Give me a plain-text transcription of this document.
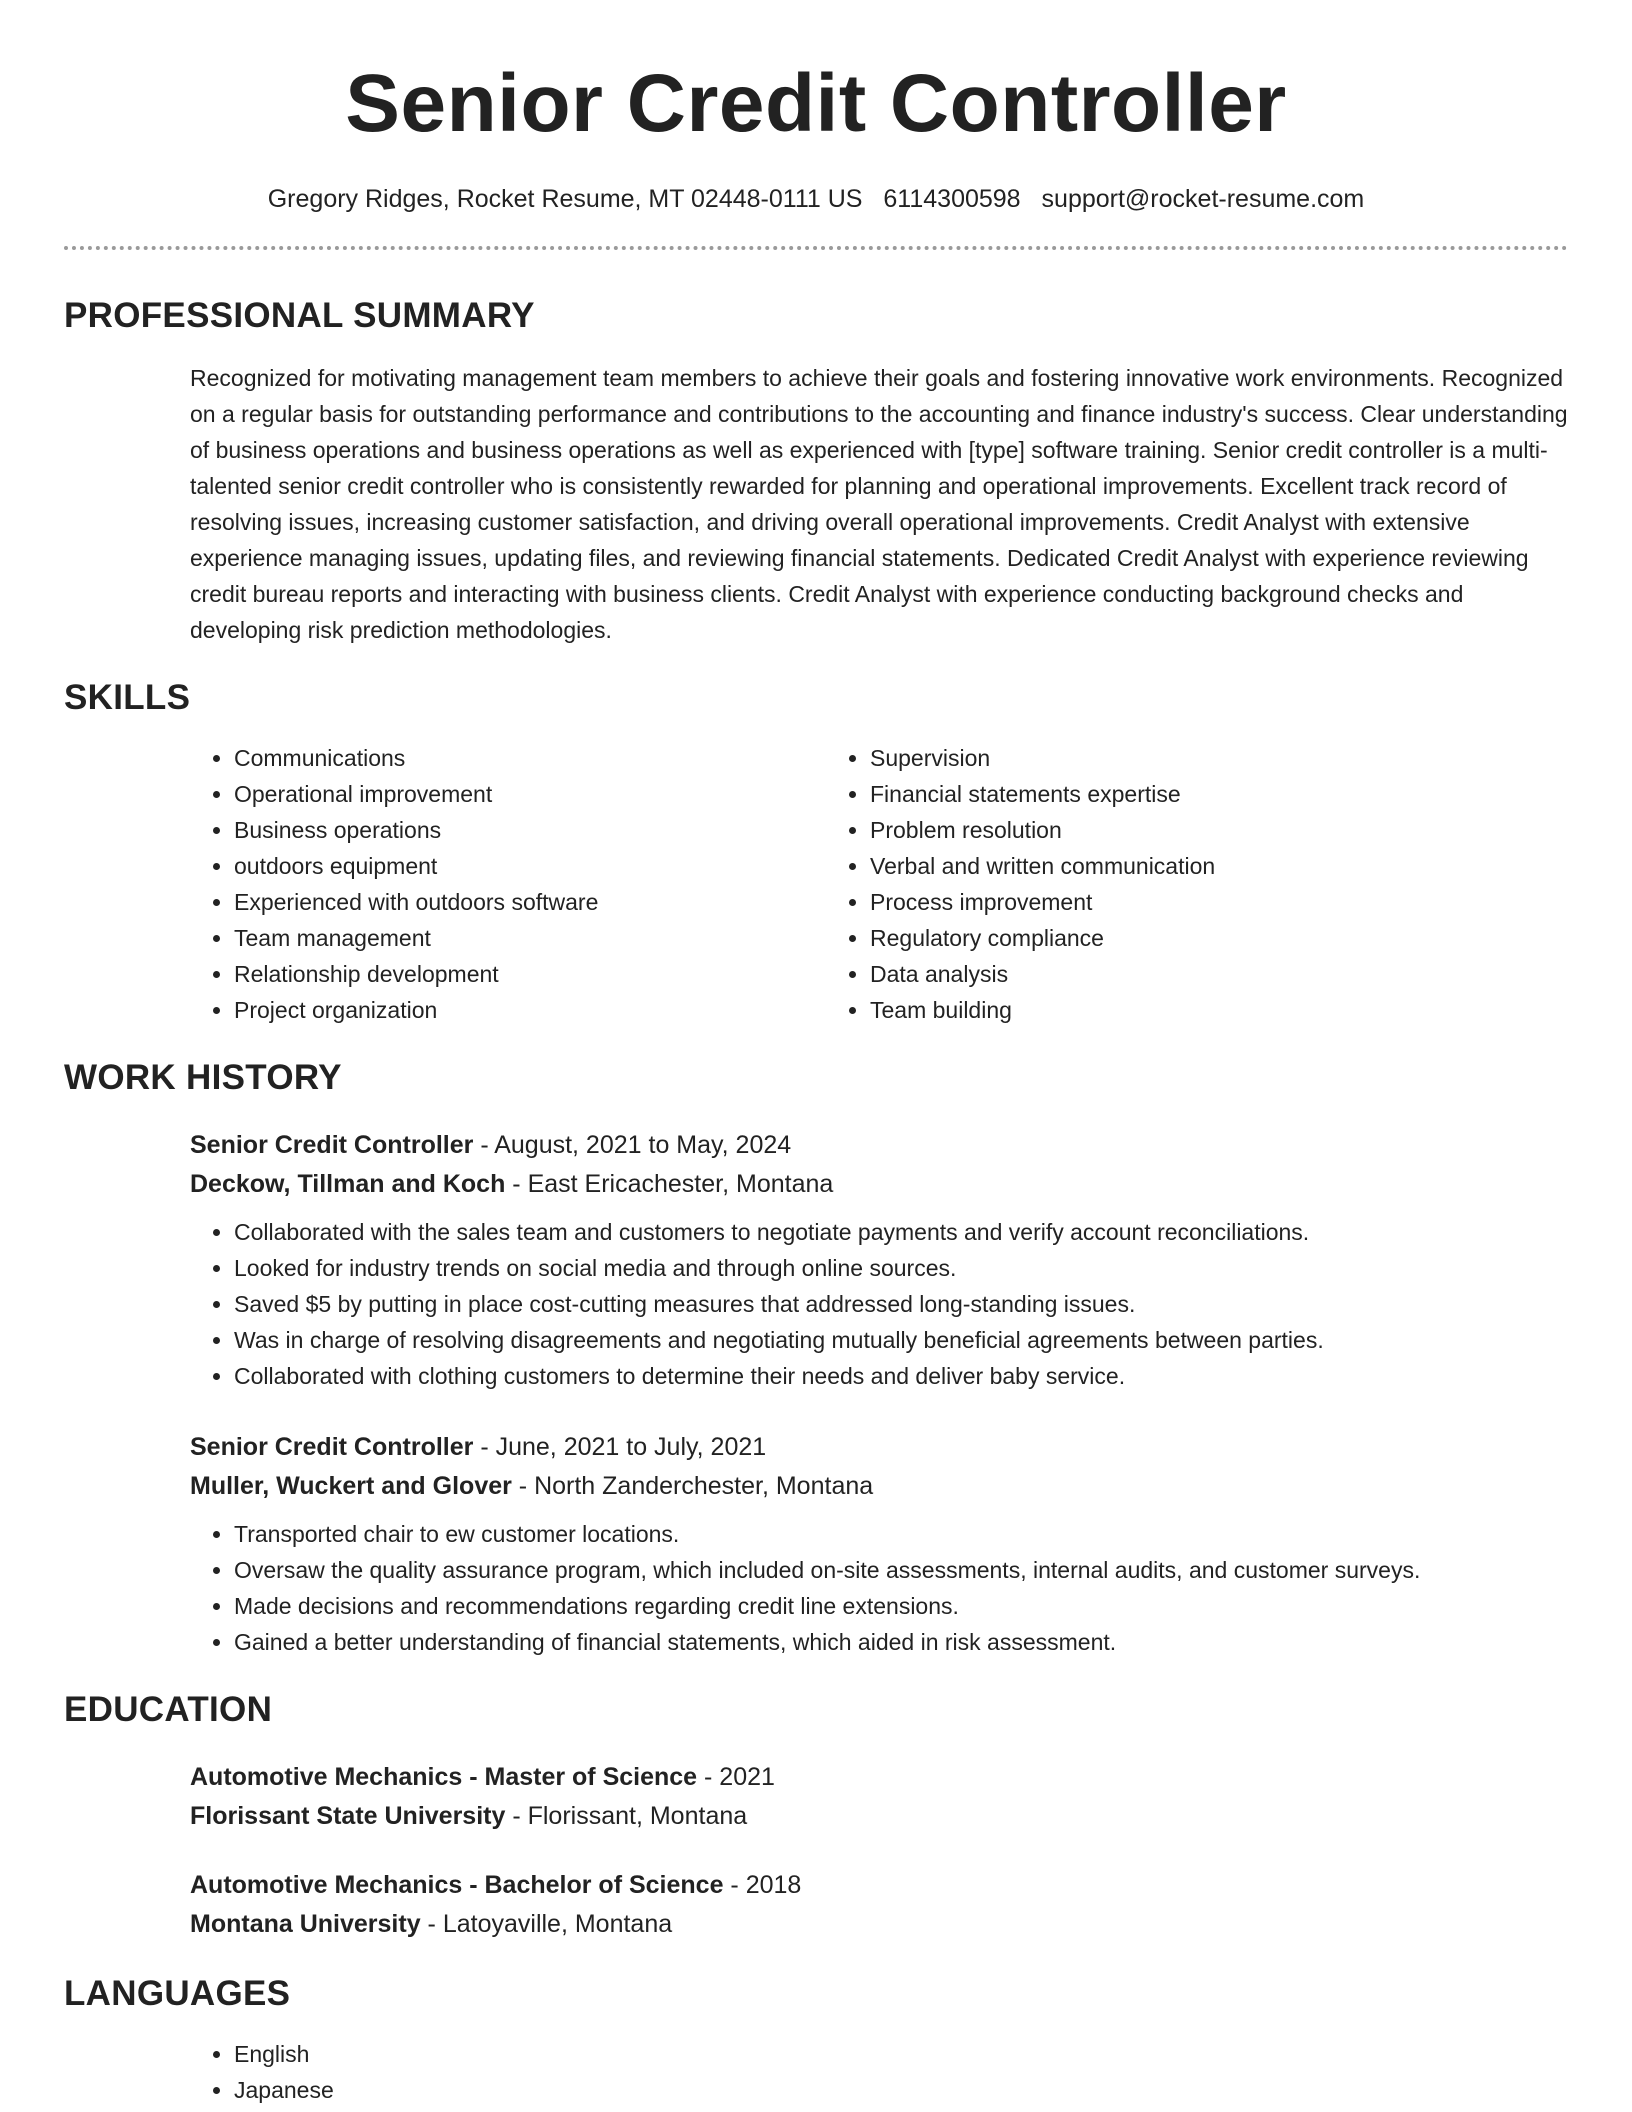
Senior Credit Controller
Gregory Ridges, Rocket Resume, MT 02448-0111 US 6114300598 support@rocket-resume.com
PROFESSIONAL SUMMARY

Recognized for motivating management team members to achieve their goals and fostering innovative work environments. Recognized on a regular basis for outstanding performance and contributions to the accounting and finance industry's success. Clear understanding of business operations and business operations as well as experienced with [type] software training. Senior credit controller is a multi-talented senior credit controller who is consistently rewarded for planning and operational improvements. Excellent track record of resolving issues, increasing customer satisfaction, and driving overall operational improvements. Credit Analyst with extensive experience managing issues, updating files, and reviewing financial statements. Dedicated Credit Analyst with experience reviewing credit bureau reports and interacting with business clients. Credit Analyst with experience conducting background checks and developing risk prediction methodologies.

SKILLS
• Communications
• Operational improvement
• Business operations
• outdoors equipment
• Experienced with outdoors software
• Team management
• Relationship development
• Project organization
• Supervision
• Financial statements expertise
• Problem resolution
• Verbal and written communication
• Process improvement
• Regulatory compliance
• Data analysis
• Team building
WORK HISTORY
Senior Credit Controller - August, 2021 to May, 2024
Deckow, Tillman and Koch - East Ericachester, Montana
• Collaborated with the sales team and customers to negotiate payments and verify account reconciliations.
• Looked for industry trends on social media and through online sources.
• Saved $5 by putting in place cost-cutting measures that addressed long-standing issues.
• Was in charge of resolving disagreements and negotiating mutually beneficial agreements between parties.
• Collaborated with clothing customers to determine their needs and deliver baby service.
Senior Credit Controller - June, 2021 to July, 2021
Muller, Wuckert and Glover - North Zanderchester, Montana
• Transported chair to ew customer locations.
• Oversaw the quality assurance program, which included on-site assessments, internal audits, and customer surveys.
• Made decisions and recommendations regarding credit line extensions.
• Gained a better understanding of financial statements, which aided in risk assessment.
EDUCATION
Automotive Mechanics - Master of Science - 2021
Florissant State University - Florissant, Montana
Automotive Mechanics - Bachelor of Science - 2018
Montana University - Latoyaville, Montana
LANGUAGES
• English
• Japanese
